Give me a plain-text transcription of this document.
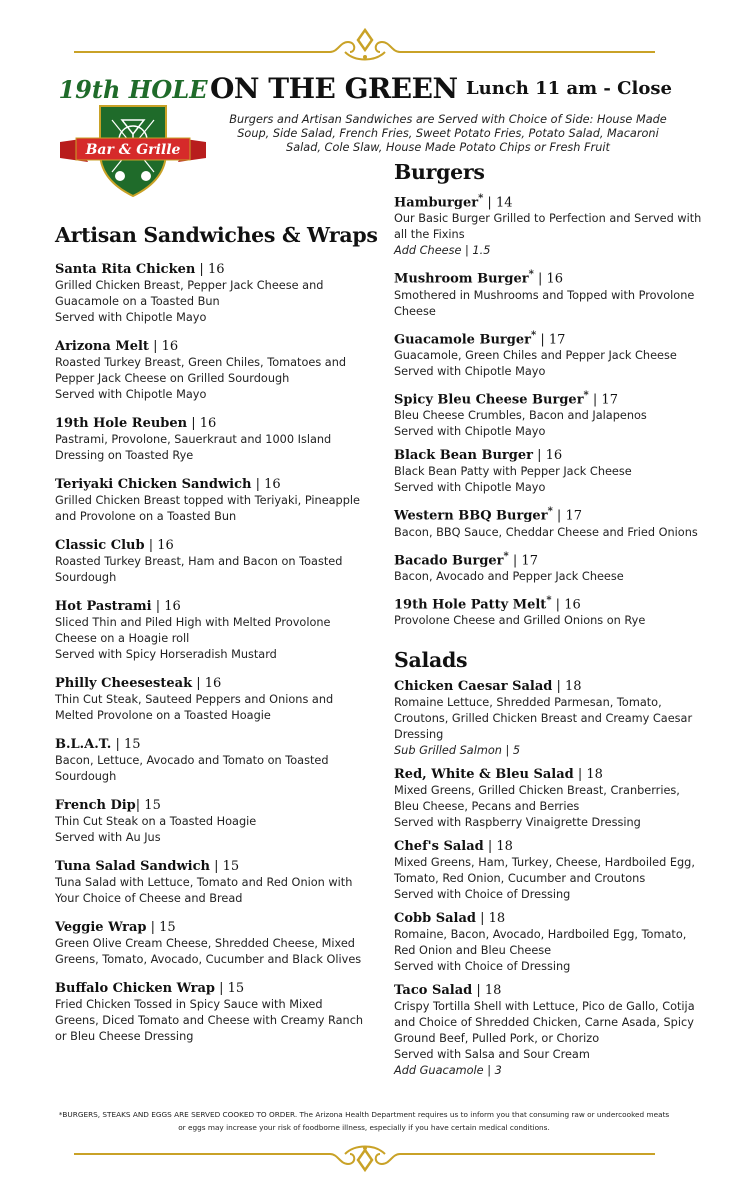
19th HOLE
Bar & Grille
ON THE GREEN Lunch 11 am - Close
Burgers and Artisan Sandwiches are Served with Choice of Side: House Made Soup, Side Salad, French Fries, Sweet Potato Fries, Potato Salad, Macaroni Salad, Cole Slaw, House Made Potato Chips or Fresh Fruit
Artisan Sandwiches & Wraps
Santa Rita Chicken | 16
Grilled Chicken Breast, Pepper Jack Cheese and Guacamole on a Toasted Bun
Served with Chipotle Mayo
Arizona Melt | 16
Roasted Turkey Breast, Green Chiles, Tomatoes and Pepper Jack Cheese on Grilled Sourdough
Served with Chipotle Mayo
19th Hole Reuben | 16
Pastrami, Provolone, Sauerkraut and 1000 Island Dressing on Toasted Rye
Teriyaki Chicken Sandwich | 16
Grilled Chicken Breast topped with Teriyaki, Pineapple and Provolone on a Toasted Bun
Classic Club | 16
Roasted Turkey Breast, Ham and Bacon on Toasted Sourdough
Hot Pastrami | 16
Sliced Thin and Piled High with Melted Provolone Cheese on a Hoagie roll
Served with Spicy Horseradish Mustard
Philly Cheesesteak | 16
Thin Cut Steak, Sauteed Peppers and Onions and Melted Provolone on a Toasted Hoagie
B.L.A.T. | 15
Bacon, Lettuce, Avocado and Tomato on Toasted Sourdough
French Dip| 15
Thin Cut Steak on a Toasted Hoagie
Served with Au Jus
Tuna Salad Sandwich | 15
Tuna Salad with Lettuce, Tomato and Red Onion with Your Choice of Cheese and Bread
Veggie Wrap | 15
Green Olive Cream Cheese, Shredded Cheese, Mixed Greens, Tomato, Avocado, Cucumber and Black Olives
Buffalo Chicken Wrap | 15
Fried Chicken Tossed in Spicy Sauce with Mixed Greens, Diced Tomato and Cheese with Creamy Ranch or Bleu Cheese Dressing
Burgers
Hamburger* | 14
Our Basic Burger Grilled to Perfection and Served with all the Fixins
Add Cheese | 1.5
Mushroom Burger* | 16
Smothered in Mushrooms and Topped with Provolone Cheese
Guacamole Burger* | 17
Guacamole, Green Chiles and Pepper Jack Cheese
Served with Chipotle Mayo
Spicy Bleu Cheese Burger* | 17
Bleu Cheese Crumbles, Bacon and Jalapenos
Served with Chipotle Mayo
Black Bean Burger | 16
Black Bean Patty with Pepper Jack Cheese
Served with Chipotle Mayo
Western BBQ Burger* | 17
Bacon, BBQ Sauce, Cheddar Cheese and Fried Onions
Bacado Burger* | 17
Bacon, Avocado and Pepper Jack Cheese
19th Hole Patty Melt* | 16
Provolone Cheese and Grilled Onions on Rye
Salads
Chicken Caesar Salad | 18
Romaine Lettuce, Shredded Parmesan, Tomato, Croutons, Grilled Chicken Breast and Creamy Caesar Dressing
Sub Grilled Salmon | 5
Red, White & Bleu Salad | 18
Mixed Greens, Grilled Chicken Breast, Cranberries, Bleu Cheese, Pecans and Berries
Served with Raspberry Vinaigrette Dressing
Chef's Salad | 18
Mixed Greens, Ham, Turkey, Cheese, Hardboiled Egg, Tomato, Red Onion, Cucumber and Croutons
Served with Choice of Dressing
Cobb Salad | 18
Romaine, Bacon, Avocado, Hardboiled Egg, Tomato, Red Onion and Bleu Cheese
Served with Choice of Dressing
Taco Salad | 18
Crispy Tortilla Shell with Lettuce, Pico de Gallo, Cotija and Choice of Shredded Chicken, Carne Asada, Spicy Ground Beef, Pulled Pork, or Chorizo
Served with Salsa and Sour Cream
Add Guacamole | 3
*BURGERS, STEAKS AND EGGS ARE SERVED COOKED TO ORDER. The Arizona Health Department requires us to inform you that consuming raw or undercooked meats or eggs may increase your risk of foodborne illness, especially if you have certain medical conditions.
